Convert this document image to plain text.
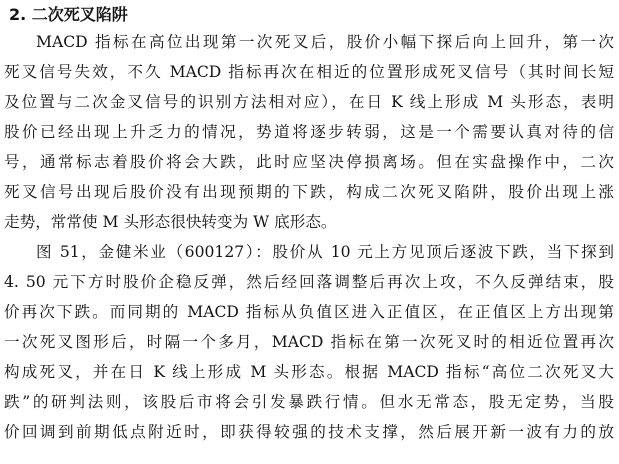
2. 二次死叉陷阱
MACD 指标在高位出现第一次死叉后，股价小幅下探后向上回升，第一次
死叉信号失效，不久 MACD 指标再次在相近的位置形成死叉信号（其时间长短
及位置与二次金叉信号的识别方法相对应），在日 K 线上形成 M 头形态，表明
股价已经出现上升乏力的情况，势道将逐步转弱，这是一个需要认真对待的信
号，通常标志着股价将会大跌，此时应坚决停损离场。但在实盘操作中，二次
死叉信号出现后股价没有出现预期的下跌，构成二次死叉陷阱，股价出现上涨
走势，常常使 M 头形态很快转变为 W 底形态。
图 51，金健米业（600127）：股价从 10 元上方见顶后逐波下跌，当下探到
4. 50 元下方时股价企稳反弹，然后经回落调整后再次上攻，不久反弹结束，股
价再次下跌。而同期的 MACD 指标从负值区进入正值区，在正值区上方出现第
一次死叉图形后，时隔一个多月，MACD 指标在第一次死叉时的相近位置再次
构成死叉，并在日 K 线上形成 M 头形态。根据 MACD 指标“高位二次死叉大
跌”的研判法则，该股后市将会引发暴跌行情。但水无常态，股无定势，当股
价回调到前期低点附近时，即获得较强的技术支撑，然后展开新一波有力的放
